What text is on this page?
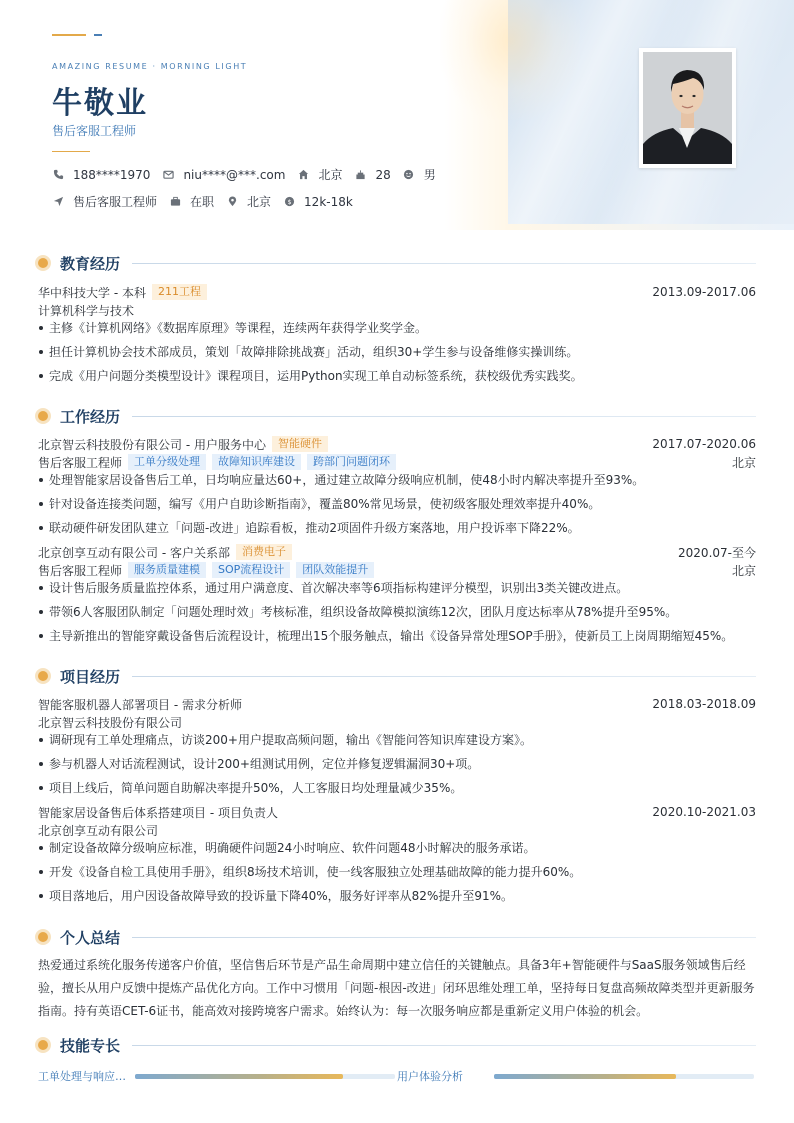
AMAZING RESUME · MORNING LIGHT
牛敬业
售后客服工程师
188****1970	niu****@***.com	北京	28	男
售后客服工程师	在职	北京 $ 12k-18k
教育经历
华中科技大学 - 本科	211工程	2013.09-2017.06
计算机科学与技术
主修《计算机网络》《数据库原理》等课程，连续两年获得学业奖学金。
担任计算机协会技术部成员，策划「故障排除挑战赛」活动，组织30+学生参与设备维修实操训练。
完成《用户问题分类模型设计》课程项目，运用Python实现工单自动标签系统，获校级优秀实践奖。
工作经历
北京智云科技股份有限公司 - 用户服务中心	智能硬件	2017.07-2020.06
售后客服工程师	工单分级处理	故障知识库建设	跨部门问题闭环	北京
处理智能家居设备售后工单，日均响应量达60+，通过建立故障分级响应机制，使48小时内解决率提升至93%。
针对设备连接类问题，编写《用户自助诊断指南》，覆盖80%常见场景，使初级客服处理效率提升40%。
联动硬件研发团队建立「问题-改进」追踪看板，推动2项固件升级方案落地，用户投诉率下降22%。
北京创享互动有限公司 - 客户关系部	消费电子	2020.07-至今
售后客服工程师	服务质量建模	SOP流程设计	团队效能提升	北京
设计售后服务质量监控体系，通过用户满意度、首次解决率等6项指标构建评分模型，识别出3类关键改进点。
带领6人客服团队制定「问题处理时效」考核标准，组织设备故障模拟演练12次，团队月度达标率从78%提升至95%。
主导新推出的智能穿戴设备售后流程设计，梳理出15个服务触点，输出《设备异常处理SOP手册》，使新员工上岗周期缩短45%。
项目经历
智能客服机器人部署项目 - 需求分析师	2018.03-2018.09
北京智云科技股份有限公司
调研现有工单处理痛点，访谈200+用户提取高频问题，输出《智能问答知识库建设方案》。
参与机器人对话流程测试，设计200+组测试用例，定位并修复逻辑漏洞30+项。
项目上线后，简单问题自助解决率提升50%，人工客服日均处理量减少35%。
智能家居设备售后体系搭建项目 - 项目负责人	2020.10-2021.03
北京创享互动有限公司
制定设备故障分级响应标准，明确硬件问题24小时响应、软件问题48小时解决的服务承诺。
开发《设备自检工具使用手册》，组织8场技术培训，使一线客服独立处理基础故障的能力提升60%。
项目落地后，用户因设备故障导致的投诉量下降40%，服务好评率从82%提升至91%。
个人总结

热爱通过系统化服务传递客户价值，坚信售后环节是产品生命周期中建立信任的关键触点。具备3年+智能硬件与SaaS服务领域售后经验，擅长从用户反馈中提炼产品优化方向。工作中习惯用「问题-根因-改进」闭环思维处理工单，坚持每日复盘高频故障类型并更新服务指南。持有英语CET-6证书，能高效对接跨境客户需求。始终认为：每一次服务响应都是重新定义用户体验的机会。

技能专长
工单处理与响应…	用户体验分析
